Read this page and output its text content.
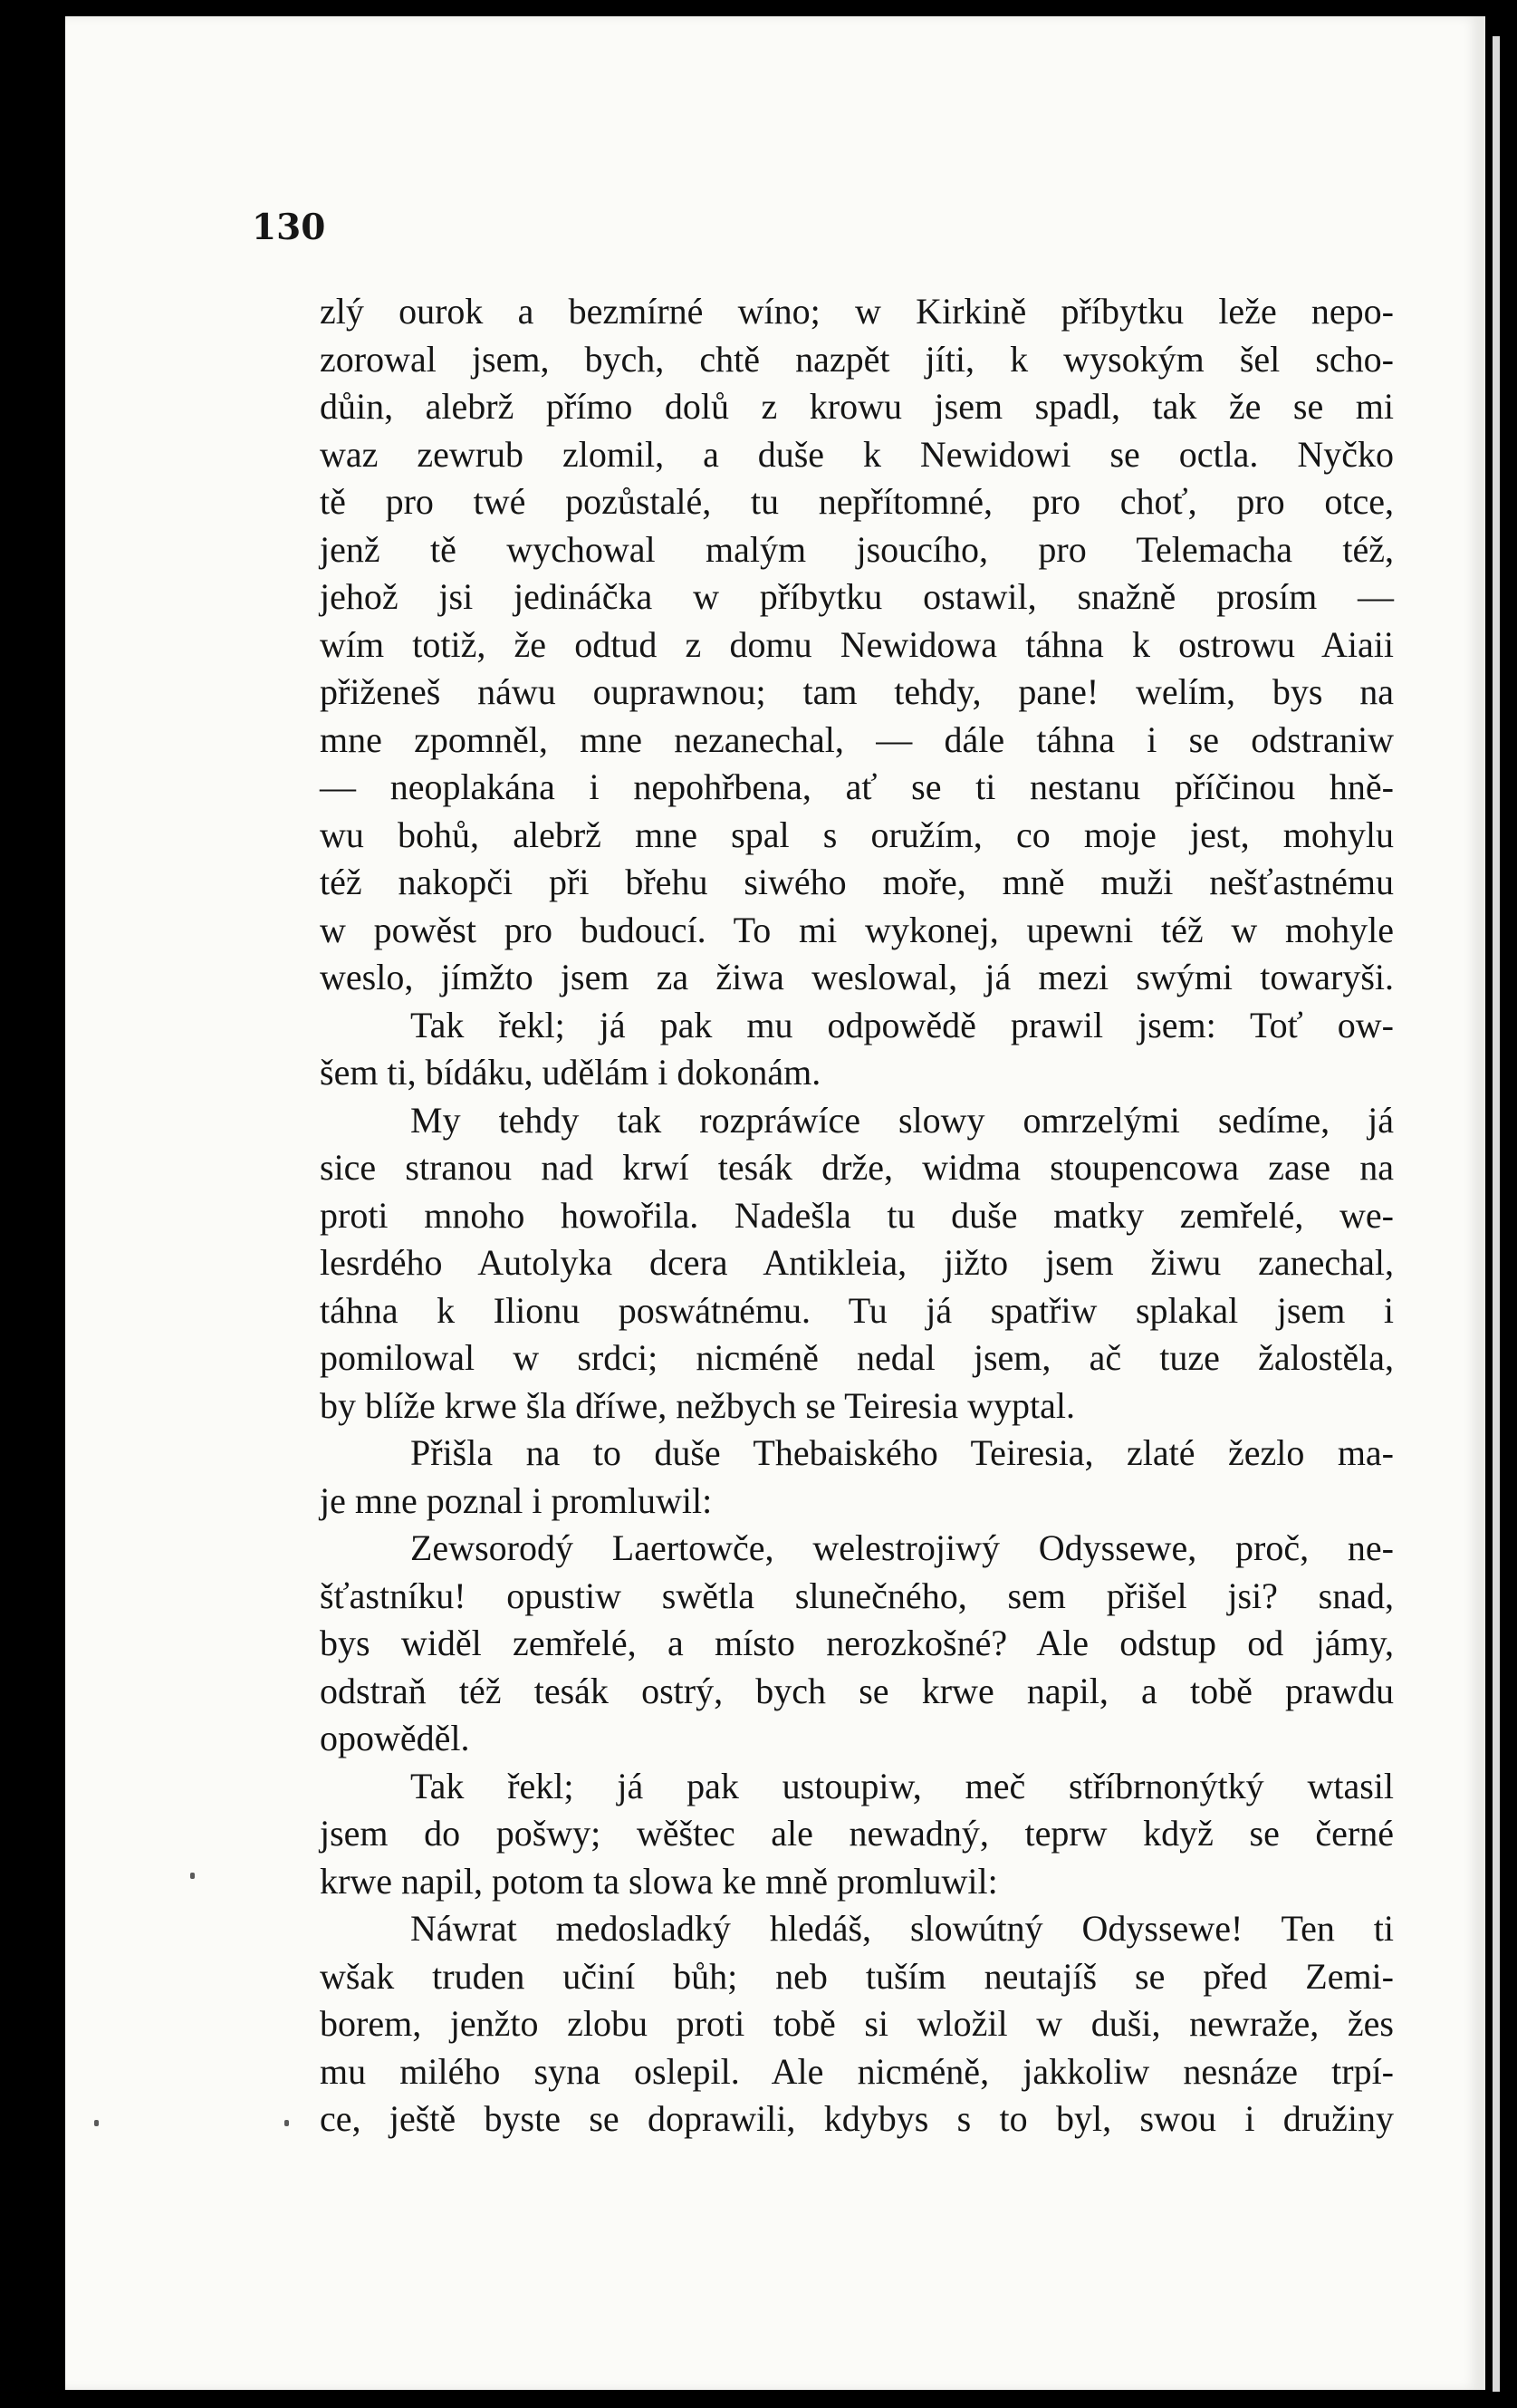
130

zlý ourok a bezmírné wíno; w Kirkině příbytku leže nepo-
zorowal jsem, bych, chtě nazpět jíti, k wysokým šel scho-
důin, alebrž přímo dolů z krowu jsem spadl, tak že se mi
waz zewrub zlomil, a duše k Newidowi se octla. Nyčko
tě pro twé pozůstalé, tu nepřítomné, pro choť, pro otce,
jenž tě wychowal malým jsoucího, pro Telemacha též,
jehož jsi jedináčka w příbytku ostawil, snažně prosím —
wím totiž, že odtud z domu Newidowa táhna k ostrowu Aiaii
přiženeš náwu ouprawnou; tam tehdy, pane! welím, bys na
mne zpomněl, mne nezanechal, — dále táhna i se odstraniw
— neoplakána i nepohřbena, ať se ti nestanu příčinou hně-
wu bohů, alebrž mne spal s oružím, co moje jest, mohylu
též nakopči při břehu siwého moře, mně muži nešťastnému
w powěst pro budoucí. To mi wykonej, upewni též w mohyle
weslo, jímžto jsem za žiwa weslowal, já mezi swými towaryši.
Tak řekl; já pak mu odpowědě prawil jsem: Toť ow-
šem ti, bídáku, udělám i dokonám.
My tehdy tak rozpráwíce slowy omrzelými sedíme, já
sice stranou nad krwí tesák drže, widma stoupencowa zase na
proti mnoho howořila. Nadešla tu duše matky zemřelé, we-
lesrdého Autolyka dcera Antikleia, jižto jsem žiwu zanechal,
táhna k Ilionu poswátnému. Tu já spatřiw splakal jsem i
pomilowal w srdci; nicméně nedal jsem, ač tuze žalostěla,
by blíže krwe šla dříwe, nežbych se Teiresia wyptal.
Přišla na to duše Thebaiského Teiresia, zlaté žezlo ma-
je mne poznal i promluwil:
Zewsorodý Laertowče, welestrojiwý Odyssewe, proč, ne-
šťastníku! opustiw swětla slunečného, sem přišel jsi? snad,
bys widěl zemřelé, a místo nerozkošné? Ale odstup od jámy,
odstraň též tesák ostrý, bych se krwe napil, a tobě prawdu
opowěděl.
Tak řekl; já pak ustoupiw, meč stříbrnonýtký wtasil
jsem do pošwy; wěštec ale newadný, teprw když se černé
krwe napil, potom ta slowa ke mně promluwil:
Náwrat medosladký hledáš, slowútný Odyssewe! Ten ti
wšak truden učiní bůh; neb tuším neutajíš se před Zemi-
borem, jenžto zlobu proti tobě si wložil w duši, newraže, žes
mu milého syna oslepil. Ale nicméně, jakkoliw nesnáze trpí-
ce, ještě byste se doprawili, kdybys s to byl, swou i družiny
